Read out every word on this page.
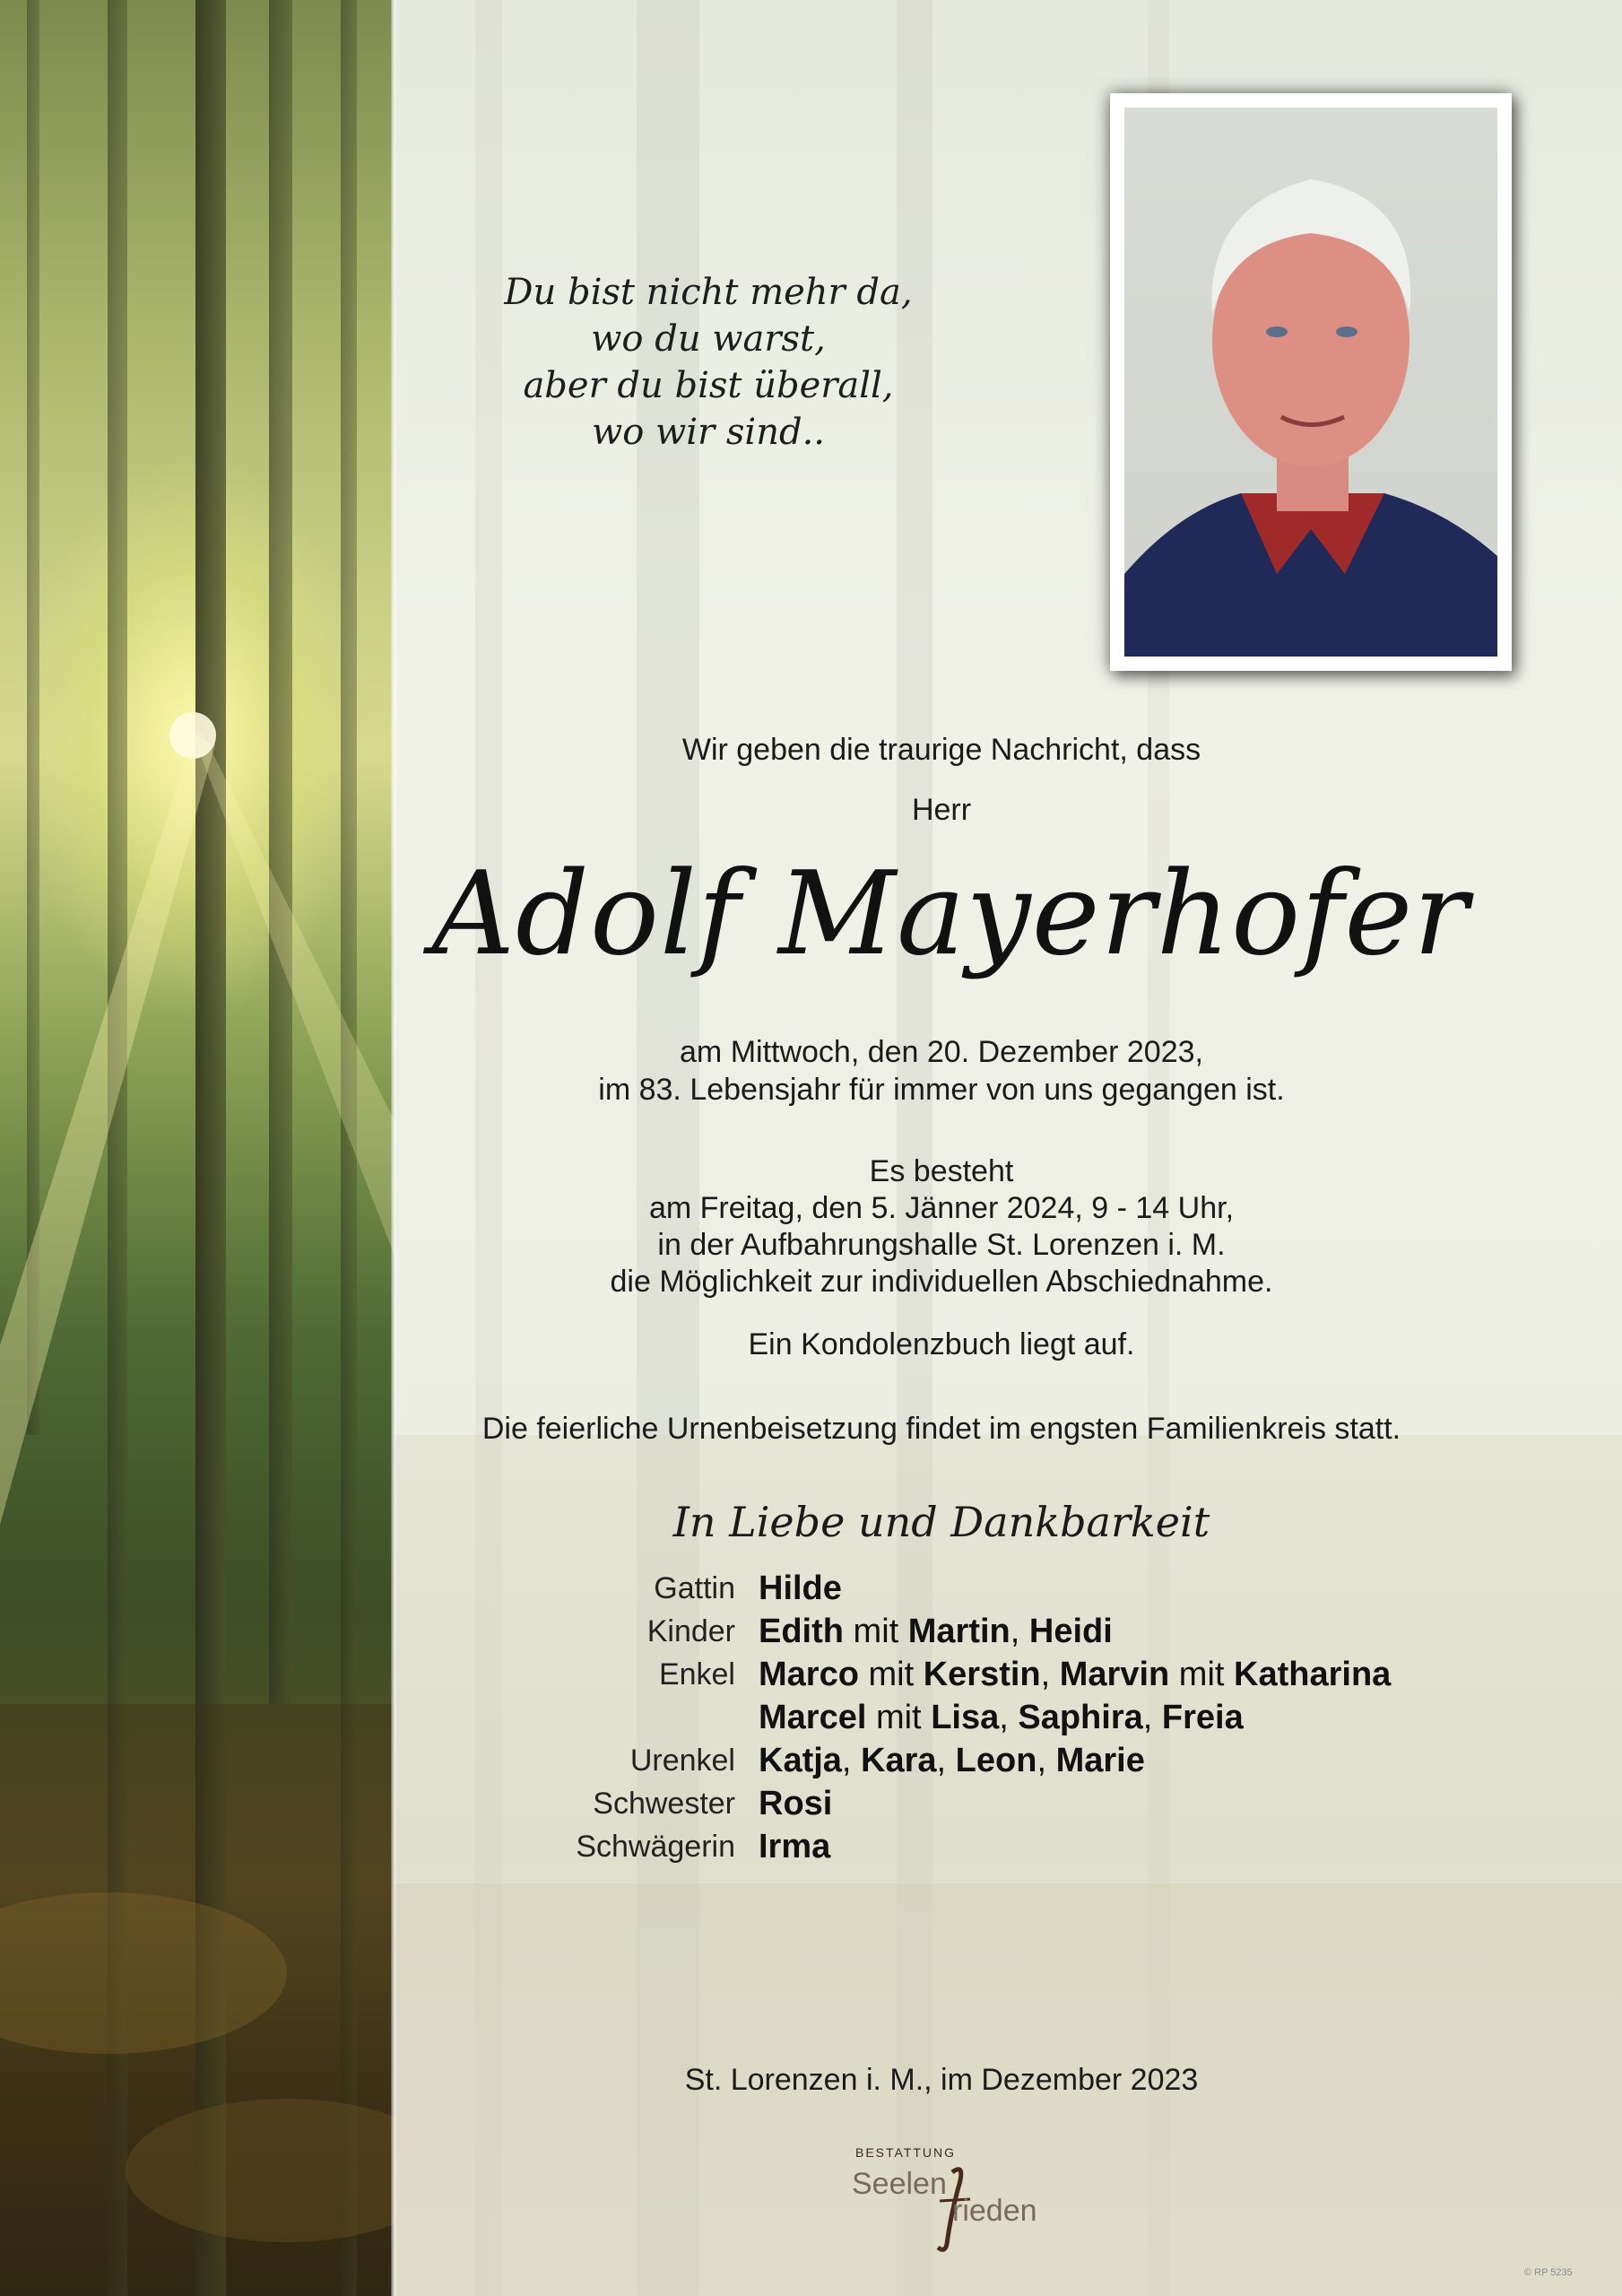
Du bist nicht mehr da,
wo du warst,
aber du bist überall,
wo wir sind..
Wir geben die traurige Nachricht, dass
Herr
Adolf Mayerhofer
am Mittwoch, den 20. Dezember 2023,
im 83. Lebensjahr für immer von uns gegangen ist.
Es besteht
am Freitag, den 5. Jänner 2024, 9 - 14 Uhr,
in der Aufbahrungshalle St. Lorenzen i. M.
die Möglichkeit zur individuellen Abschiednahme.
Ein Kondolenzbuch liegt auf.
Die feierliche Urnenbeisetzung findet im engsten Familienkreis statt.
In Liebe und Dankbarkeit
Gattin Hilde
Kinder Edith mit Martin, Heidi
Enkel Marco mit Kerstin, Marvin mit Katharina
Marcel mit Lisa, Saphira, Freia
Urenkel Katja, Kara, Leon, Marie
Schwester Rosi
Schwägerin Irma
St. Lorenzen i. M., im Dezember 2023
BESTATTUNG
Seelen
rieden
© RP 5235
